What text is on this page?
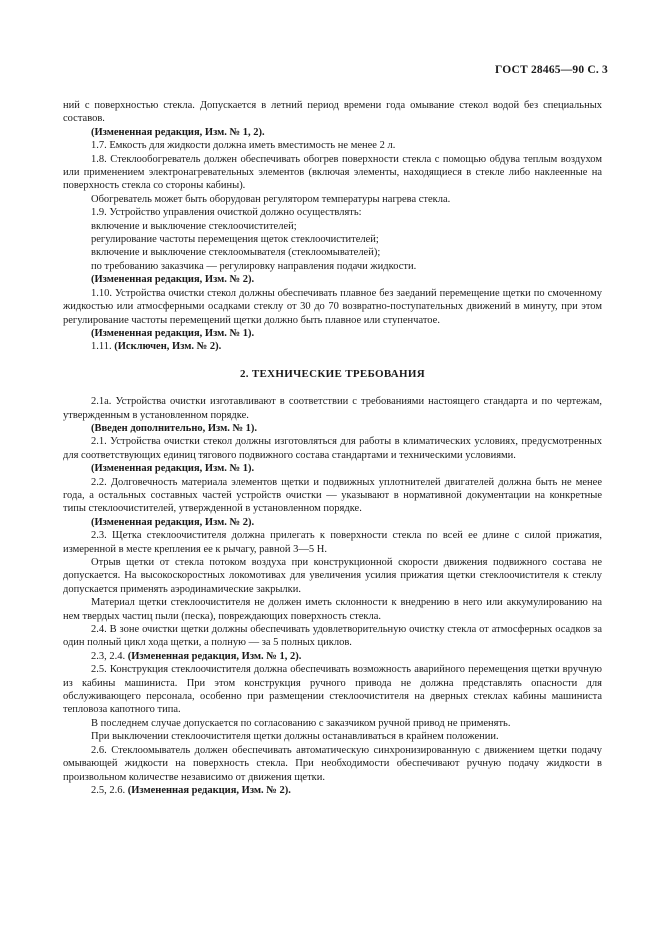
ГОСТ 28465—90 С. 3

ний с поверхностью стекла. Допускается в летний период времени года омывание стекол водой без специальных составов.

(Измененная редакция, Изм. № 1, 2).

1.7. Емкость для жидкости должна иметь вместимость не менее 2 л.

1.8. Стеклообогреватель должен обеспечивать обогрев поверхности стекла с помощью обдува теплым воздухом или применением электронагревательных элементов (включая элементы, находящиеся в стекле либо наклеенные на поверхность стекла со стороны кабины).

Обогреватель может быть оборудован регулятором температуры нагрева стекла.

1.9. Устройство управления очисткой должно осуществлять:

включение и выключение стеклоочистителей;

регулирование частоты перемещения щеток стеклоочистителей;

включение и выключение стеклоомывателя (стеклоомывателей);

по требованию заказчика — регулировку направления подачи жидкости.

(Измененная редакция, Изм. № 2).

1.10. Устройства очистки стекол должны обеспечивать плавное без заеданий перемещение щетки по смоченному жидкостью или атмосферными осадками стеклу от 30 до 70 возвратно-поступательных движений в минуту, при этом регулирование частоты перемещений щетки должно быть плавное или ступенчатое.

(Измененная редакция, Изм. № 1).

1.11. (Исключен, Изм. № 2).

2. ТЕХНИЧЕСКИЕ ТРЕБОВАНИЯ

2.1а. Устройства очистки изготавливают в соответствии с требованиями настоящего стандарта и по чертежам, утвержденным в установленном порядке.

(Введен дополнительно, Изм. № 1).

2.1. Устройства очистки стекол должны изготовляться для работы в климатических условиях, предусмотренных для соответствующих единиц тягового подвижного состава стандартами и техническими условиями.

(Измененная редакция, Изм. № 1).

2.2. Долговечность материала элементов щетки и подвижных уплотнителей двигателей должна быть не менее года, а остальных составных частей устройств очистки — указывают в нормативной документации на конкретные типы стеклоочистителей, утвержденной в установленном порядке.

(Измененная редакция, Изм. № 2).

2.3. Щетка стеклоочистителя должна прилегать к поверхности стекла по всей ее длине с силой прижатия, измеренной в месте крепления ее к рычагу, равной 3—5 Н.

Отрыв щетки от стекла потоком воздуха при конструкционной скорости движения подвижного состава не допускается. На высокоскоростных локомотивах для увеличения усилия прижатия щетки стеклоочистителя к стеклу допускается применять аэродинамические закрылки.

Материал щетки стеклоочистителя не должен иметь склонности к внедрению в него или аккумулированию на нем твердых частиц пыли (песка), повреждающих поверхность стекла.

2.4. В зоне очистки щетки должны обеспечивать удовлетворительную очистку стекла от атмосферных осадков за один полный цикл хода щетки, а полную — за 5 полных циклов.

2.3, 2.4. (Измененная редакция, Изм. № 1, 2).

2.5. Конструкция стеклоочистителя должна обеспечивать возможность аварийного перемещения щетки вручную из кабины машиниста. При этом конструкция ручного привода не должна представлять опасности для обслуживающего персонала, особенно при размещении стеклоочистителя на дверных стеклах кабины машиниста тепловоза капотного типа.

В последнем случае допускается по согласованию с заказчиком ручной привод не применять.

При выключении стеклоочистителя щетки должны останавливаться в крайнем положении.

2.6. Стеклоомыватель должен обеспечивать автоматическую синхронизированную с движением щетки подачу омывающей жидкости на поверхность стекла. При необходимости обеспечивают ручную подачу жидкости в произвольном количестве независимо от движения щетки.

2.5, 2.6. (Измененная редакция, Изм. № 2).
